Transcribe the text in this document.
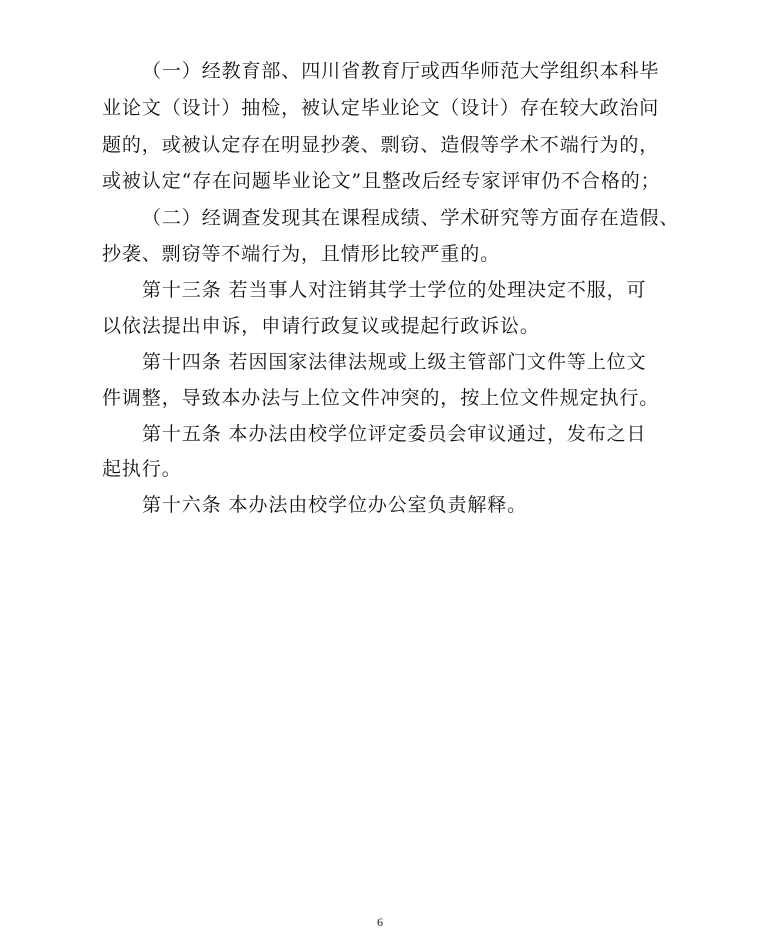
（一）经教育部、四川省教育厅或西华师范大学组织本科毕
业论文（设计）抽检，被认定毕业论文（设计）存在较大政治问
题的，或被认定存在明显抄袭、剽窃、造假等学术不端行为的，
或被认定“存在问题毕业论文”且整改后经专家评审仍不合格的；
（二）经调查发现其在课程成绩、学术研究等方面存在造假、
抄袭、剽窃等不端行为，且情形比较严重的。
第十三条 若当事人对注销其学士学位的处理决定不服，可
以依法提出申诉，申请行政复议或提起行政诉讼。
第十四条 若因国家法律法规或上级主管部门文件等上位文
件调整，导致本办法与上位文件冲突的，按上位文件规定执行。
第十五条 本办法由校学位评定委员会审议通过，发布之日
起执行。
第十六条 本办法由校学位办公室负责解释。
6
